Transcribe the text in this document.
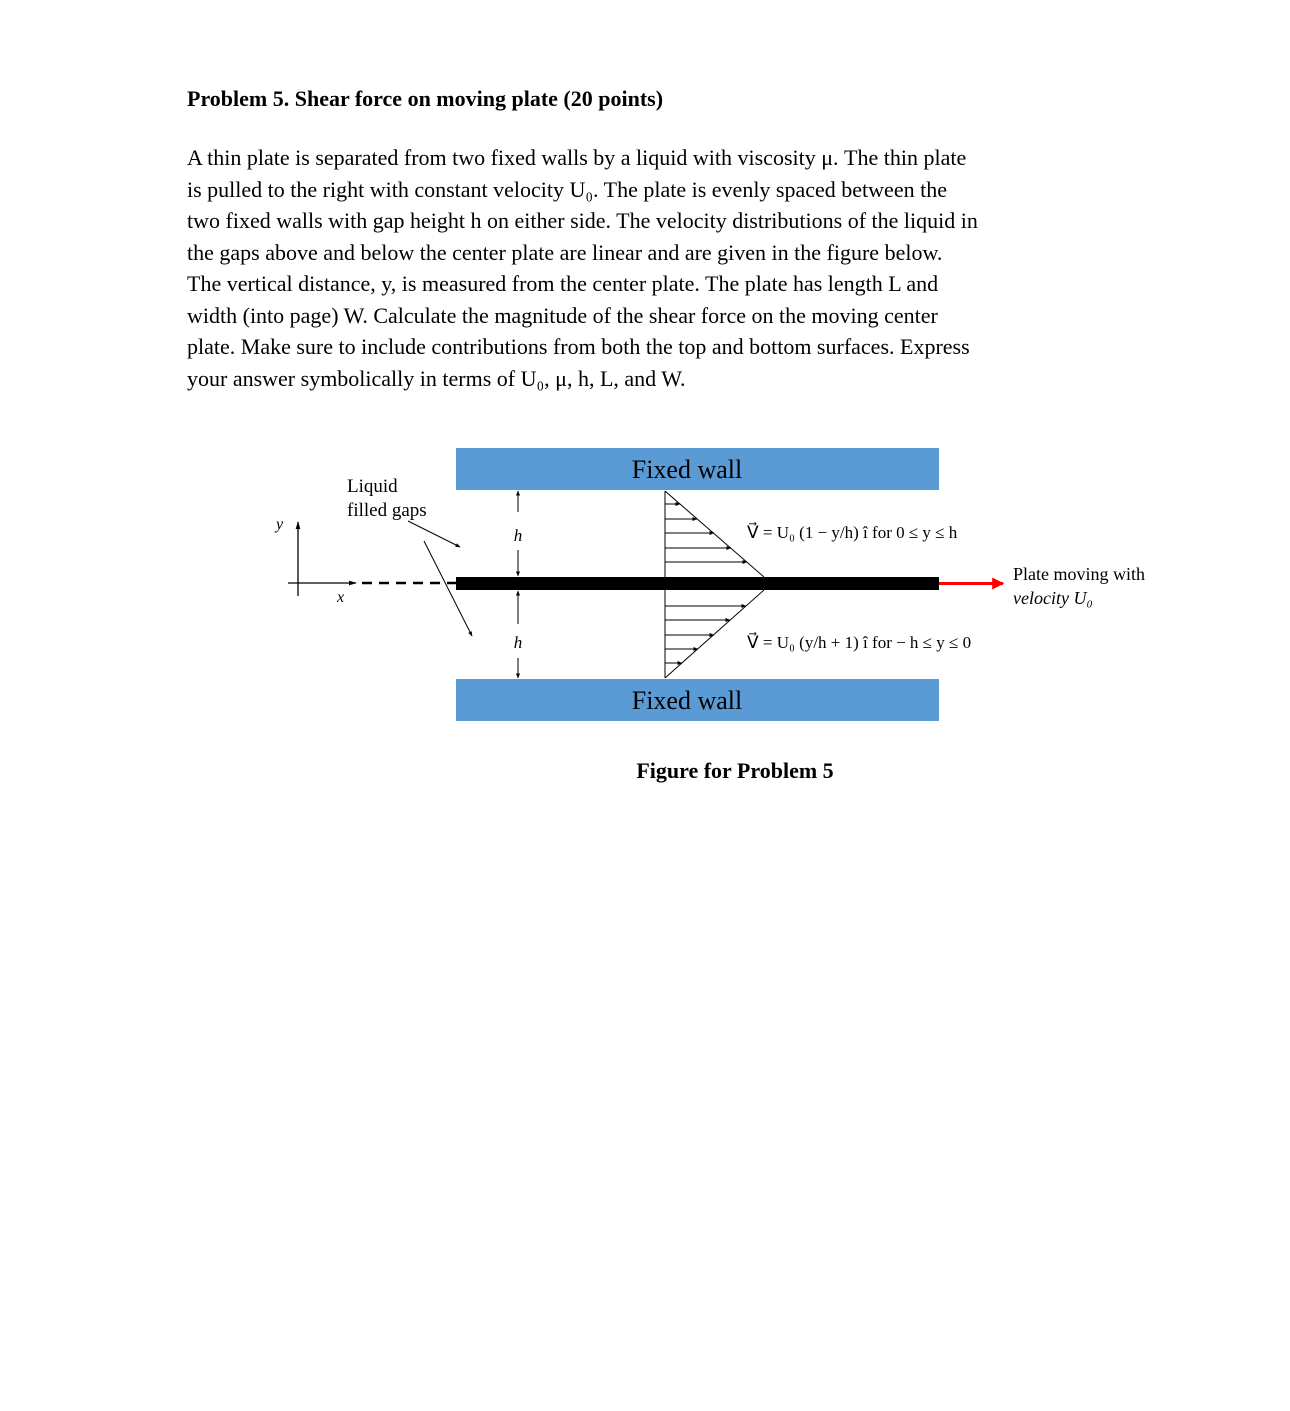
Problem 5. Shear force on moving plate (20 points)

A thin plate is separated from two fixed walls by a liquid with viscosity μ. The thin plate
is pulled to the right with constant velocity U₀. The plate is evenly spaced between the
two fixed walls with gap height h on either side. The velocity distributions of the liquid in
the gaps above and below the center plate are linear and are given in the figure below.
The vertical distance, y, is measured from the center plate. The plate has length L and
width (into page) W. Calculate the magnitude of the shear force on the moving center
plate. Make sure to include contributions from both the top and bottom surfaces. Express
your answer symbolically in terms of U₀, μ, h, L, and W.

Fixed wall
Fixed wall
Plate moving with
velocity U₀
y
x
Liquid
filled gaps
h
h
V⃗ = U₀ (1 − y/h) î for 0 ≤ y ≤ h
V⃗ = U₀ (y/h + 1) î for − h ≤ y ≤ 0
Figure for Problem 5
